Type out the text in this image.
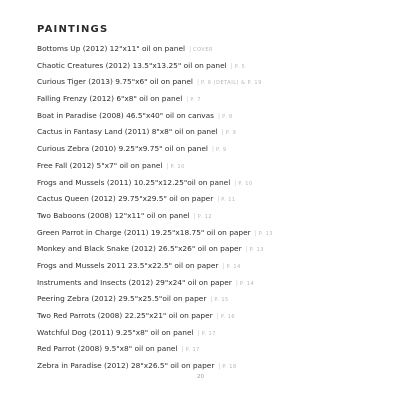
PAINTINGS
Bottoms Up (2012) 12"x11" oil on panel | COVER
Chaotic Creatures (2012) 13.5"x13.25" oil on panel | P. 5
Curious Tiger (2013) 9.75"x6" oil on panel | P. 6 (DETAIL) & P. 19
Falling Frenzy (2012) 6"x8" oil on panel | P. 7
Boat in Paradise (2008) 46.5"x40" oil on canvas | P. 8
Cactus in Fantasy Land (2011) 8"x8" oil on panel | P. 9
Curious Zebra (2010) 9.25"x9.75" oil on panel | P. 9
Free Fall (2012) 5"x7" oil on panel | P. 10
Frogs and Mussels (2011) 10.25"x12.25"oil on panel | P. 10
Cactus Queen (2012) 29.75"x29.5" oil on paper | P. 11
Two Baboons (2008) 12"x11" oil on panel | P. 12
Green Parrot in Charge (2011) 19.25"x18.75" oil on paper | P. 13
Monkey and Black Snake (2012) 26.5"x26" oil on paper | P. 13
Frogs and Mussels 2011 23.5"x22.5" oil on paper | P. 14
Instruments and Insects (2012) 29"x24" oil on paper | P. 14
Peering Zebra (2012) 29.5"x25.5"oil on paper | P. 15
Two Red Parrots (2008) 22.25"x21" oil on paper | P. 16
Watchful Dog (2011) 9.25"x8" oil on panel | P. 17
Red Parrot (2008) 9.5"x8" oil on panel | P. 17
Zebra in Paradise (2012) 28"x26.5" oil on paper | P. 18
20
